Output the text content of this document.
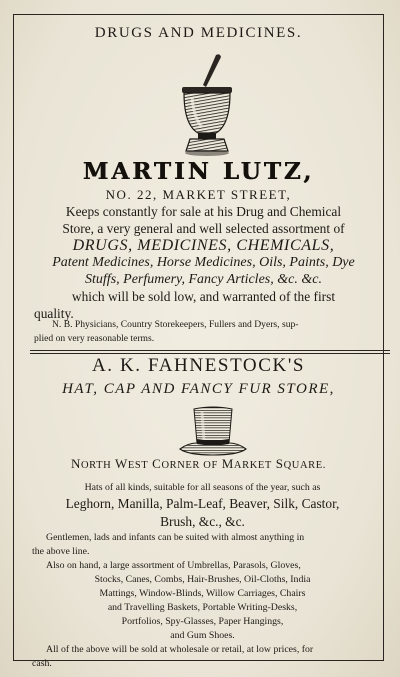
DRUGS AND MEDICINES.
MARTIN LUTZ,
NO. 22, MARKET STREET,
Keeps constantly for sale at his Drug and Chemical
Store, a very general and well selected assortment of
DRUGS, MEDICINES, CHEMICALS,
Patent Medicines, Horse Medicines, Oils, Paints, Dye
Stuffs, Perfumery, Fancy Articles, &c. &c.
which will be sold low, and warranted of the first
quality.
N. B. Physicians, Country Storekeepers, Fullers and Dyers, sup-
plied on very reasonable terms.
A. K. FAHNESTOCK'S
HAT, CAP AND FANCY FUR STORE,
NORTH WEST CORNER OF MARKET SQUARE.
Hats of all kinds, suitable for all seasons of the year, such as
Leghorn, Manilla, Palm-Leaf, Beaver, Silk, Castor,
Brush, &c., &c.
Gentlemen, lads and infants can be suited with almost anything in
the above line.
Also on hand, a large assortment of Umbrellas, Parasols, Gloves,
Stocks, Canes, Combs, Hair-Brushes, Oil-Cloths, India
Mattings, Window-Blinds, Willow Carriages, Chairs
and Travelling Baskets, Portable Writing-Desks,
Portfolios, Spy-Glasses, Paper Hangings,
and Gum Shoes.
All of the above will be sold at wholesale or retail, at low prices, for
cash.
